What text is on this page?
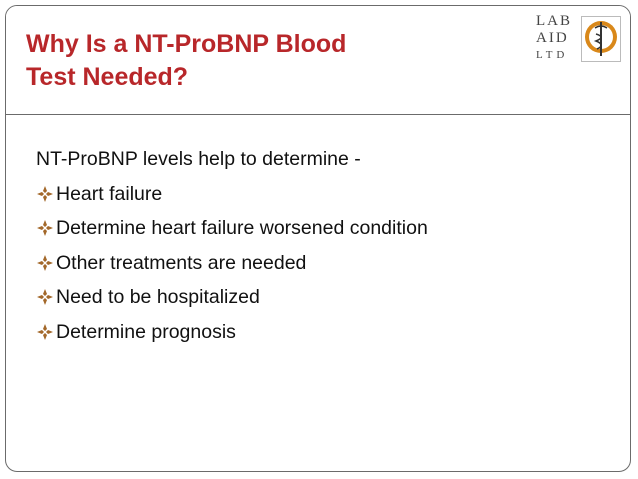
Why Is a NT-ProBNP Blood
Test Needed?
LAB
AID
LTD

NT-ProBNP levels help to determine -

Heart failure
Determine heart failure worsened condition
Other treatments are needed
Need to be hospitalized
Determine prognosis
